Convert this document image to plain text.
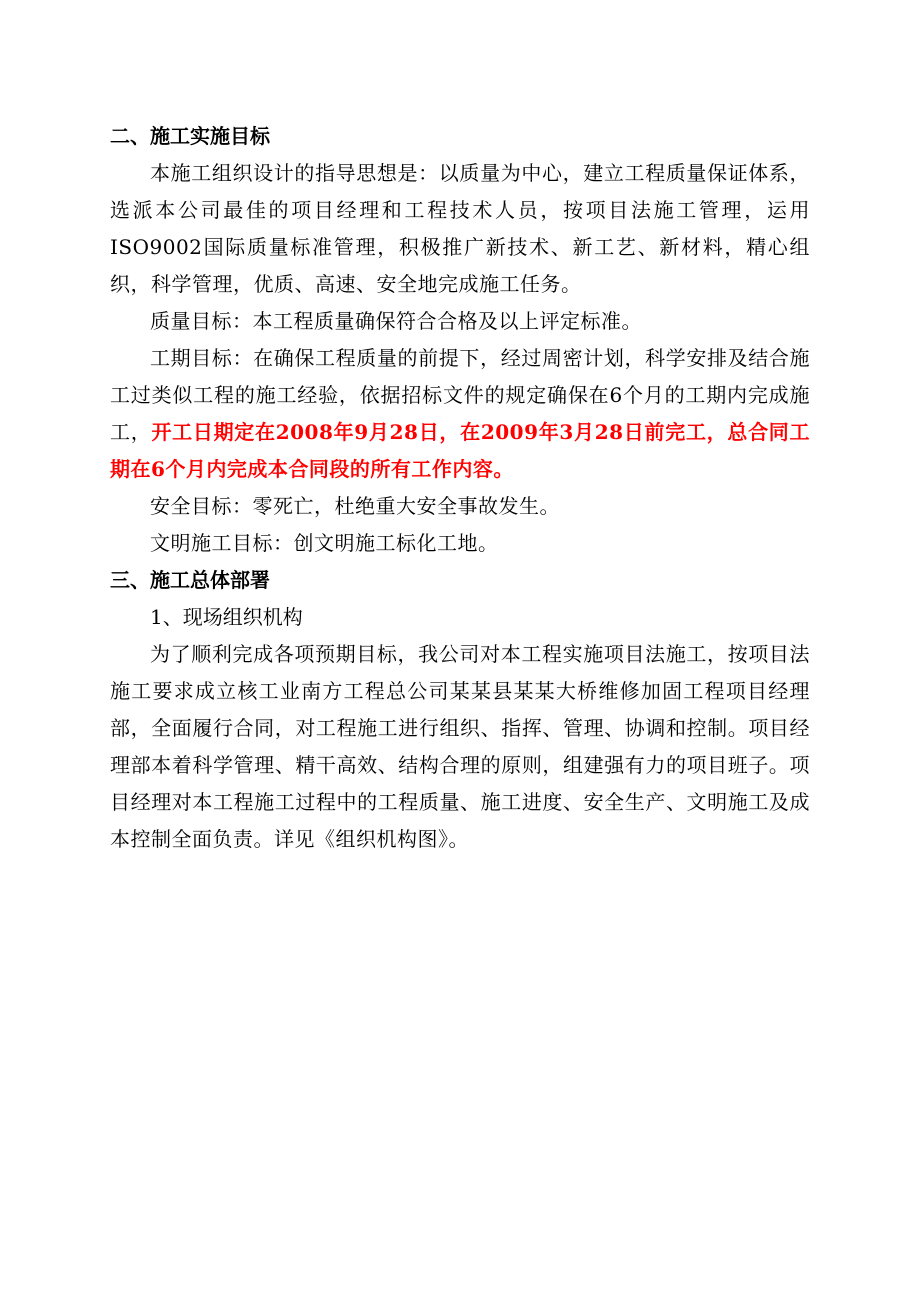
二、施工实施目标

本施工组织设计的指导思想是：以质量为中心，建立工程质量保证体系，选派本公司最佳的项目经理和工程技术人员，按项目法施工管理，运用ISO9002国际质量标准管理，积极推广新技术、新工艺、新材料，精心组织，科学管理，优质、高速、安全地完成施工任务。

质量目标：本工程质量确保符合合格及以上评定标准。

工期目标：在确保工程质量的前提下，经过周密计划，科学安排及结合施工过类似工程的施工经验，依据招标文件的规定确保在6个月的工期内完成施工，开工日期定在2008年9月28日，在2009年3月28日前完工，总合同工期在6个月内完成本合同段的所有工作内容。

安全目标：零死亡，杜绝重大安全事故发生。

文明施工目标：创文明施工标化工地。

三、施工总体部署

1、现场组织机构

为了顺利完成各项预期目标，我公司对本工程实施项目法施工，按项目法施工要求成立核工业南方工程总公司某某县某某大桥维修加固工程项目经理部，全面履行合同，对工程施工进行组织、指挥、管理、协调和控制。项目经理部本着科学管理、精干高效、结构合理的原则，组建强有力的项目班子。项目经理对本工程施工过程中的工程质量、施工进度、安全生产、文明施工及成本控制全面负责。详见《组织机构图》。
